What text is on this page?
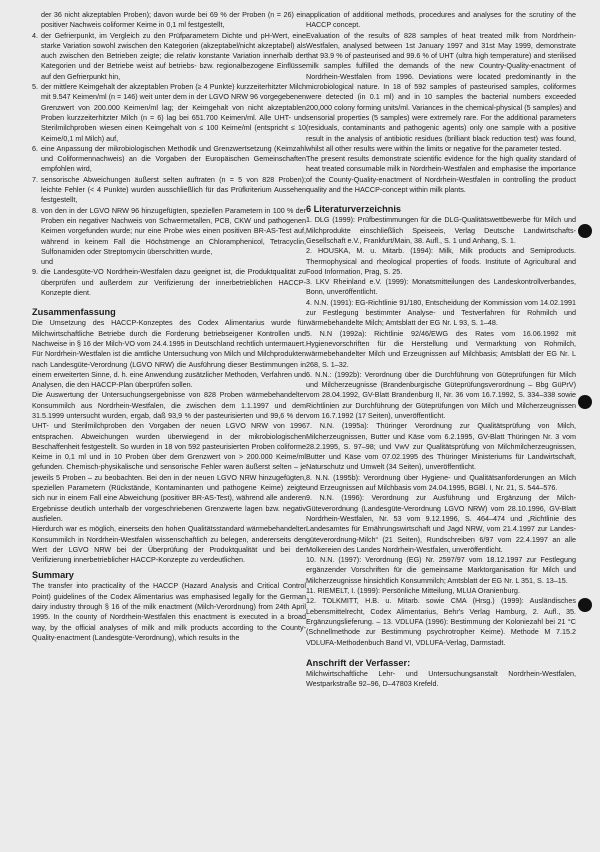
der 36 nicht akzeptablen Proben); davon wurde bei 69 % der Proben (n = 26) ein positiver Nachweis coliformer Keime in 0,1 ml festgestellt,

4. der Gefrierpunkt, im Vergleich zu den Prüfparametern Dichte und pH-Wert, eine starke Variation sowohl zwischen den Kategorien (akzeptabel/nicht akzeptabel) als auch zwischen den Betrieben zeigte; die relativ konstante Variation innerhalb der Kategorien und der Betriebe weist auf betriebs- bzw. regionalbezogene Einflüsse auf den Gefrierpunkt hin,
5. der mittlere Keimgehalt der akzeptablen Proben (≥ 4 Punkte) kurzzeiterhitzter Milch mit 9.547 Keimen/ml (n = 146) weit unter dem in der LGVO NRW 96 vorgegebenen Grenzwert von 200.000 Keimen/ml lag; der Keimgehalt von nicht akzeptablen Proben kurzzeiterhitzter Milch (n = 6) lag bei 651.700 Keimen/ml. Alle UHT- und Sterilmilchproben wiesen einen Keimgehalt von ≤ 100 Keime/ml (entspricht ≤ 10 Keime/0,1 ml Milch) auf,
6. eine Anpassung der mikrobiologischen Methodik und Grenzwertsetzung (Keimzahl und Coliformennachweis) an die Vorgaben der Europäischen Gemeinschaften empfohlen wird,
7. sensorische Abweichungen äußerst selten auftraten (n = 5 von 828 Proben); leichte Fehler (< 4 Punkte) wurden ausschließlich für das Prüfkriterium Aussehen festgestellt,
8. von den in der LGVO NRW 96 hinzugefügten, speziellen Parametern in 100 % der Proben ein negativer Nachweis von Schwermetallen, PCB, CKW und pathogenen Keimen vorgefunden wurde; nur eine Probe wies einen positiven BR-AS-Test auf, während in keinem Fall die Höchstmenge an Chloramphenicol, Tetracyclin, Sulfonamiden oder Streptomycin überschritten wurde,
und
9. die Landesgüte-VO Nordrhein-Westfalen dazu geeignet ist, die Produktqualität zu überprüfen und außerdem zur Verifizierung der innerbetrieblichen HACCP-Konzepte dient.
Zusammenfassung

Die Umsetzung des HACCP-Konzeptes des Codex Alimentarius wurde für Milchwirtschaftliche Betriebe durch die Forderung betriebseigener Kontrollen und Nachweise in § 16 der Milch-VO vom 24.4.1995 in Deutschland rechtlich untermauert. Für Nordrhein-Westfalen ist die amtliche Untersuchung von Milch und Milchprodukten nach Landesgüte-Verordnung (LGVO NRW) die Ausführung dieser Bestimmungen in einem erweiterten Sinne, d. h. eine Anwendung zusätzlicher Methoden, Verfahren und Analysen, die den HACCP-Plan überprüfen sollen.

Die Auswertung der Untersuchungsergebnisse von 828 Proben wärmebehandelter Konsummilch aus Nordrhein-Westfalen, die zwischen dem 1.1.1997 und dem 31.5.1999 untersucht wurden, ergab, daß 93,9 % der pasteurisierten und 99,6 % der UHT- und Sterilmilchproben den Vorgaben der neuen LGVO NRW von 1996 entsprachen. Abweichungen wurden überwiegend in der mikrobiologischen Beschaffenheit festgestellt. So wurden in 18 von 592 pasteurisierten Proben coliforme Keime in 0,1 ml und in 10 Proben über dem Grenzwert von > 200.000 Keime/ml gefunden. Chemisch-physikalische und sensorische Fehler waren äußerst selten – je jeweils 5 Proben – zu beobachten. Bei den in der neuen LGVO NRW hinzugefügten, speziellen Parametern (Rückstände, Kontaminanten und pathogene Keime) zeigte sich nur in einem Fall eine Abweichung (positiver BR-AS-Test), während alle anderen Ergebnisse deutlich unterhalb der vorgeschriebenen Grenzwerte lagen bzw. negativ ausfielen.

Hierdurch war es möglich, einerseits den hohen Qualitätsstandard wärmebehandelter Konsummilch in Nordrhein-Westfalen wissenschaftlich zu belegen, andererseits den Wert der LGVO NRW bei der Überprüfung der Produktqualität und bei der Verifizierung innerbetrieblicher HACCP-Konzepte zu verdeutlichen.

Summary

The transfer into practicality of the HACCP (Hazard Analysis and Critical Control Point) guidelines of the Codex Alimentarius was emphasised legally for the German dairy industry through § 16 of the milk enactment (Milch-Verordnung) from 24th April 1995. In the county of Nordrhein-Westfalen this enactment is executed in a broad way, by the official analyses of milk and milk products according to the County-Quality-enactment (Landesgüte-Verordnung), which results in the

application of additional methods, procedures and analyses for the scrutiny of the HACCP concept.

Evaluation of the results of 828 samples of heat treated milk from Nordrhein-Westfalen, analysed between 1st January 1997 and 31st May 1999, demonstrate that 93.9 % of pasteurised and 99.6 % of UHT (ultra high temperature) and sterilised milk samples fulfilled the demands of the new Country-Quality-enactment of Nordrhein-Westfalen from 1996. Deviations were located predominantly in the microbiological nature. In 18 of 592 samples of pasteurised samples, coliformes were detected (in 0.1 ml) and in 10 samples the bacterial numbers exceeded 200,000 colony forming units/ml. Variances in the chemical-physical (5 samples) and sensorial properties (5 samples) were extremely rare. For the additional parameters (residuals, contaminants and pathogenic agents) only one sample with a positive result in the analysis of antibiotic residues (brilliant black reduction test) was found, whilst all other results were within the limits or negative for the parameter tested.

The present results demonstrate scientific evidence for the high quality standard of heat treated consumable milk in Nordrhein-Westfalen and emphasise the importance of the County-Quality-enactment of Nordrhein-Westfalen in controlling the product quality and the HACCP-concept within milk plants.

6 Literaturverzeichnis

1. DLG (1999): Prüfbestimmungen für die DLG-Qualitätswettbewerbe für Milch und Milchprodukte einschließlich Speiseeis, Verlag Deutsche Landwirtschafts-Gesellschaft e.V., Frankfurt/Main, 38. Aufl., S. 1 und Anhang, S. 1.

2. HOUSKA, M. u. Mitarb. (1994): Milk, Milk products and Semiproducts. Thermophysical and rheological properties of foods. Institute of Agricultural and Food Information, Prag, S. 25.

3. LKV Rheinland e.V. (1999): Monatsmitteilungen des Landeskontrollverbandes, Bonn, unveröffentlicht.

4. N.N. (1991): EG-Richtlinie 91/180, Entscheidung der Kommission vom 14.02.1991 zur Festlegung bestimmter Analyse- und Testverfahren für Rohmilch und wärmebehandelte Milch; Amtsblatt der EG Nr. L 93, S. 1–48.

5. N.N (1992a): Richtlinie 92/46/EWG des Rates vom 16.06.1992 mit Hygienevorschriften für die Herstellung und Vermarktung von Rohmilch, wärmebehandelter Milch und Erzeugnissen auf Milchbasis; Amtsblatt der EG Nr. L 268, S. 1–32.

6. N.N.: (1992b): Verordnung über die Durchführung von Güteprüfungen für Milch und Milcherzeugnisse (Brandenburgische Güteprüfungsverordnung – Bbg GüPrV) vom 28.04.1992, GV-Blatt Brandenburg II, Nr. 36 vom 16.7.1992, S. 334–338 sowie Richtlinien zur Durchführung der Güteprüfungen von Milch und Milcherzeugnissen vom 16.7.1992 (17 Seiten), unveröffentlicht.

7. N.N. (1995a): Thüringer Verordnung zur Qualitätsprüfung von Milch, Milcherzeugnissen, Butter und Käse vom 6.2.1995, GV-Blatt Thüringen Nr. 3 vom 28.2.1995, S. 97–98; und VwV zur Qualitätsprüfung von Milchmilcherzeugnissen, Butter und Käse vom 07.02.1995 des Thüringer Ministeriums für Landwirtschaft, Naturschutz und Umwelt (34 Seiten), unveröffentlicht.

8. N.N. (1995b): Verordnung über Hygiene- und Qualitätsanforderungen an Milch und Erzeugnissen auf Milchbasis vom 24.04.1995, BGBl. I, Nr. 21, S. 544–576.

9. N.N. (1996): Verordnung zur Ausführung und Ergänzung der Milch-Güteverordnung (Landesgüte-Verordnung LGVO NRW) vom 28.10.1996, GV-Blatt Nordrhein-Westfalen, Nr. 53 vom 9.12.1996, S. 464–474 und „Richtlinie des Landesamtes für Ernährungswirtschaft und Jagd NRW, vom 21.4.1997 zur Landes- güteverordnung-Milch“ (21 Seiten), Rundschreiben 6/97 vom 22.4.1997 an alle Molkereien des Landes Nordrhein-Westfalen, unveröffentlicht.

10. N.N. (1997): Verordnung (EG) Nr. 2597/97 vom 18.12.1997 zur Festlegung ergänzender Vorschriften für die gemeinsame Marktorganisation für Milch und Milcherzeugnisse hinsichtlich Konsummilch; Amtsblatt der EG Nr. L 351, S. 13–15.

11. RIEMELT, I. (1999): Persönliche Mitteilung, MLUA Oranienburg.

12. TOLKMITT, H.B. u. Mitarb. sowie CMA (Hrsg.) (1999): Ausländisches Lebensmittelrecht, Codex Alimentarius, Behr's Verlag Hamburg, 2. Aufl., 35. Ergänzungslieferung. – 13. VDLUFA (1996): Bestimmung der Koloniezahl bei 21 °C (Schnellmethode zur Bestimmung psychrotropher Keime). Methode M 7.15.2 VDLUFA-Methodenbuch Band VI, VDLUFA-Verlag, Darmstadt.

Anschrift der Verfasser:

Milchwirtschaftliche Lehr- und Untersuchungsanstalt Nordrhein-Westfalen, Westparkstraße 92–96, D–47803 Krefeld.
